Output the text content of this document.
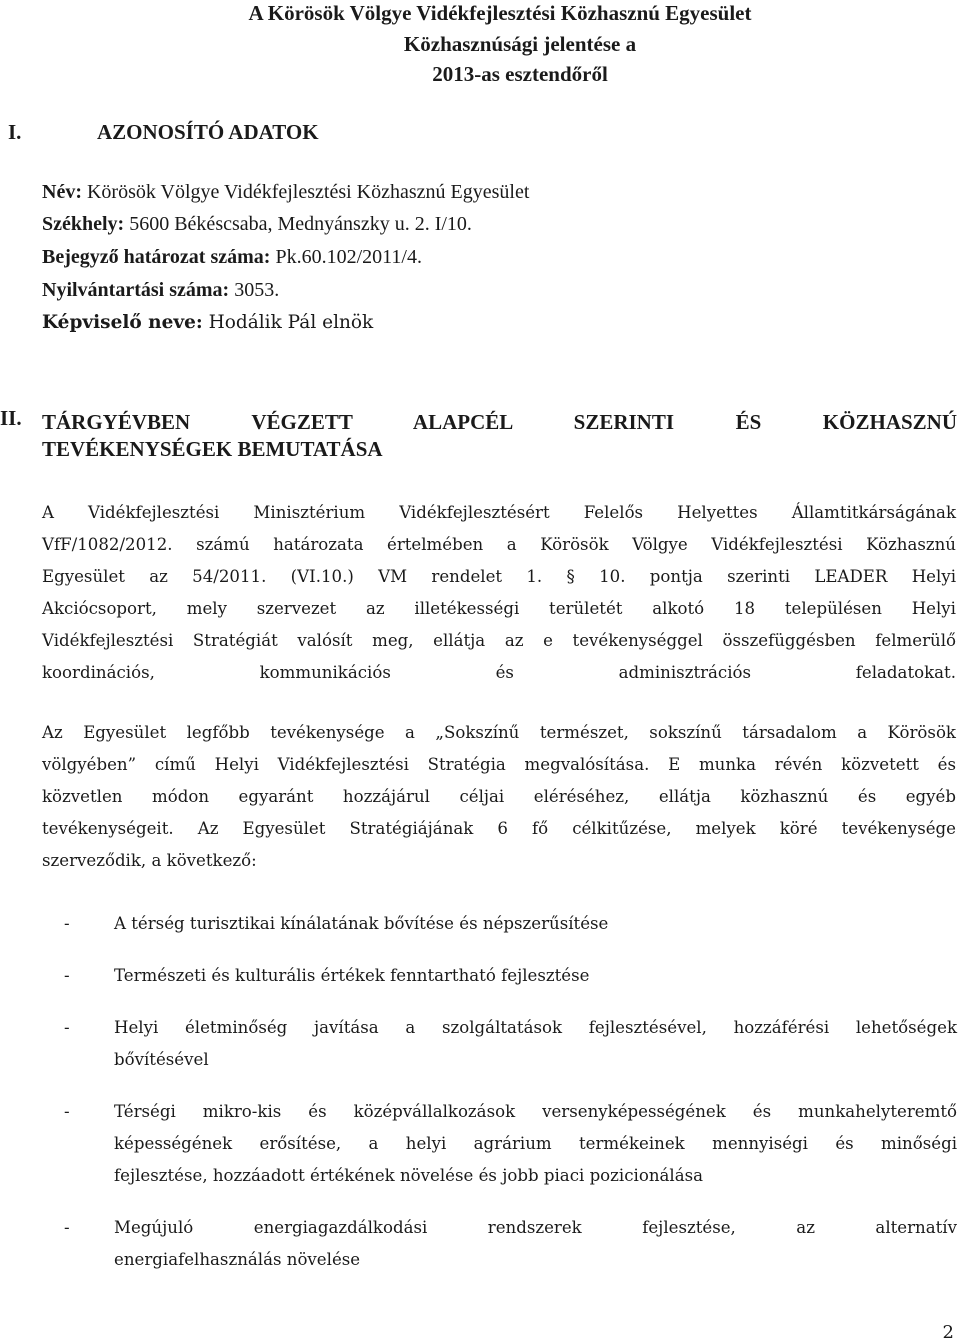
A Körösök Völgye Vidékfejlesztési Közhasznú Egyesület
Közhasznúsági jelentése a
2013-as esztendőről
I.	AZONOSÍTÓ ADATOK
Név: Körösök Völgye Vidékfejlesztési Közhasznú Egyesület
Székhely: 5600 Békéscsaba, Mednyánszky u. 2. I/10.
Bejegyző határozat száma: Pk.60.102/2011/4.
Nyilvántartási száma: 3053.
Képviselő neve: Hodálik Pál elnök
II. TÁRGYÉVBEN VÉGZETT ALAPCÉL SZERINTI ÉS KÖZHASZNÚ
TEVÉKENYSÉGEK BEMUTATÁSA
A Vidékfejlesztési Minisztérium Vidékfejlesztésért Felelős Helyettes Államtitkárságának
VfF/1082/2012. számú határozata értelmében a Körösök Völgye Vidékfejlesztési Közhasznú
Egyesület az 54/2011. (VI.10.) VM rendelet 1. § 10. pontja szerinti LEADER Helyi
Akciócsoport, mely szervezet az illetékességi területét alkotó 18 településen Helyi
Vidékfejlesztési Stratégiát valósít meg, ellátja az e tevékenységgel összefüggésben felmerülő
koordinációs, kommunikációs és adminisztrációs feladatokat.
Az Egyesület legfőbb tevékenysége a „Sokszínű természet, sokszínű társadalom a Körösök
völgyében” című Helyi Vidékfejlesztési Stratégia megvalósítása. E munka révén közvetett és
közvetlen módon egyaránt hozzájárul céljai eléréséhez, ellátja közhasznú és egyéb
tevékenységeit. Az Egyesület Stratégiájának 6 fő célkitűzése, melyek köré tevékenysége
szerveződik, a következő:
-	A térség turisztikai kínálatának bővítése és népszerűsítése
-	Természeti és kulturális értékek fenntartható fejlesztése
-	Helyi életminőség javítása a szolgáltatások fejlesztésével, hozzáférési lehetőségek
bővítésével
-	Térségi mikro-kis és középvállalkozások versenyképességének és munkahelyteremtő
képességének erősítése, a helyi agrárium termékeinek mennyiségi és minőségi
fejlesztése, hozzáadott értékének növelése és jobb piaci pozicionálása
-	Megújuló energiagazdálkodási rendszerek fejlesztése, az alternatív
energiafelhasználás növelése
2
